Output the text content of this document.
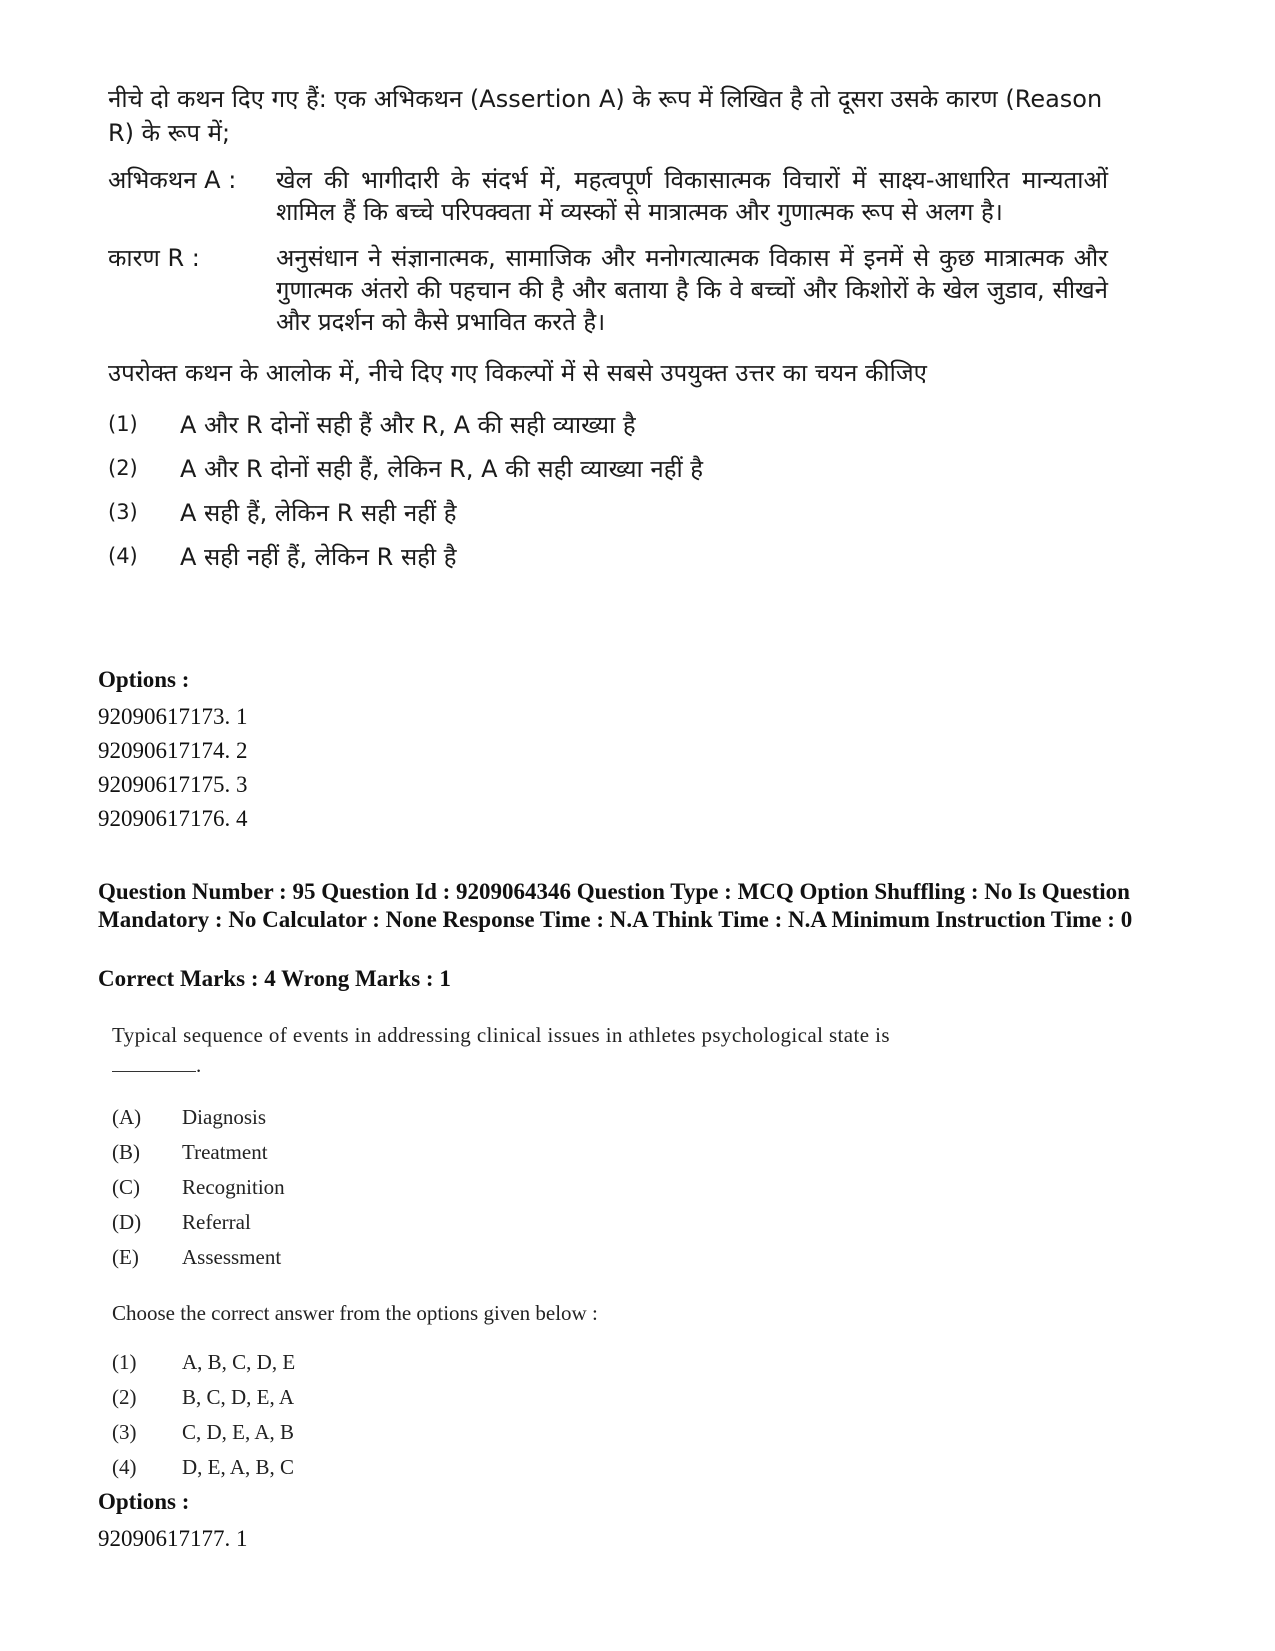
नीचे दो कथन दिए गए हैं: एक अभिकथन (Assertion A) के रूप में लिखित है तो दूसरा उसके कारण (Reason R) के रूप में;

अभिकथन A :	खेल की भागीदारी के संदर्भ में, महत्वपूर्ण विकासात्मक विचारों में साक्ष्य-आधारित मान्यताओं शामिल हैं कि बच्चे परिपक्वता में व्यस्कों से मात्रात्मक और गुणात्मक रूप से अलग है।
कारण R :	अनुसंधान ने संज्ञानात्मक, सामाजिक और मनोगत्यात्मक विकास में इनमें से कुछ मात्रात्मक और गुणात्मक अंतरो की पहचान की है और बताया है कि वे बच्चों और किशोरों के खेल जुडाव, सीखने और प्रदर्शन को कैसे प्रभावित करते है।
उपरोक्त कथन के आलोक में, नीचे दिए गए विकल्पों में से सबसे उपयुक्त उत्तर का चयन कीजिए
(1)	A और R दोनों सही हैं और R, A की सही व्याख्या है
(2)	A और R दोनों सही हैं, लेकिन R, A की सही व्याख्या नहीं है
(3)	A सही हैं, लेकिन R सही नहीं है
(4)	A सही नहीं हैं, लेकिन R सही है
Options :
92090617173. 1
92090617174. 2
92090617175. 3
92090617176. 4
Question Number : 95 Question Id : 9209064346 Question Type : MCQ Option Shuffling : No Is Question Mandatory : No Calculator : None Response Time : N.A Think Time : N.A Minimum Instruction Time : 0
Correct Marks : 4 Wrong Marks : 1
Typical sequence of events in addressing clinical issues in athletes psychological state is
.
(A)	Diagnosis
(B)	Treatment
(C)	Recognition
(D)	Referral
(E)	Assessment
Choose the correct answer from the options given below :
(1)	A, B, C, D, E
(2)	B, C, D, E, A
(3)	C, D, E, A, B
(4)	D, E, A, B, C
Options :
92090617177. 1
